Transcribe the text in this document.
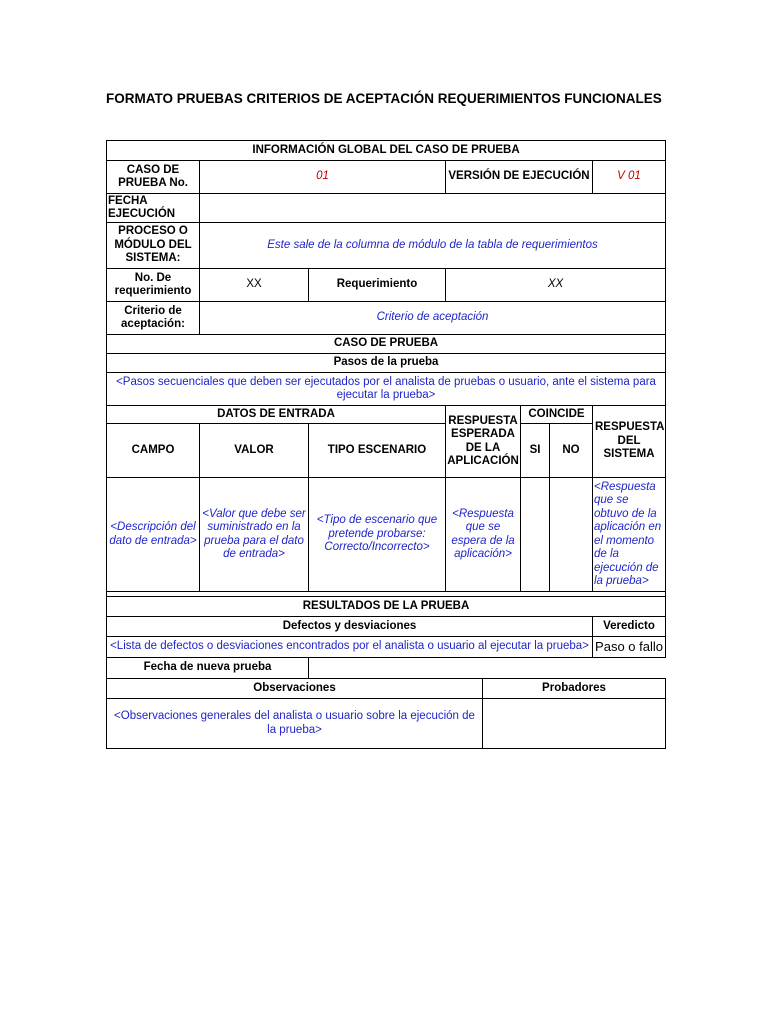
FORMATO PRUEBAS CRITERIOS DE ACEPTACIÓN REQUERIMIENTOS FUNCIONALES
INFORMACIÓN GLOBAL DEL CASO DE PRUEBA							
CASO DE PRUEBA No.	01		VERSIÓN DE EJECUCIÓN				V 01
FECHA EJECUCIÓN							
PROCESO O MÓDULO DEL SISTEMA:	Este sale de la columna de módulo de la tabla de requerimientos						
No. De requerimiento	XX	Requerimiento	XX				
Criterio de aceptación:	Criterio de aceptación						
CASO DE PRUEBA							
Pasos de la prueba							
<Pasos secuenciales que deben ser ejecutados por el analista de pruebas o usuario, ante el sistema para ejecutar la prueba>							
DATOS DE ENTRADA			RESPUESTA ESPERADA DE LA APLICACIÓN		COINCIDE		RESPUESTA DEL SISTEMA
CAMPO	VALOR	TIPO ESCENARIO			SI	NO	
<Descripción del dato de entrada>	<Valor que debe ser suministrado en la prueba para el dato de entrada>	<Tipo de escenario que pretende probarse: Correcto/Incorrecto>	<Respuesta que se espera de la aplicación>				<Respuesta que se obtuvo de la aplicación en el momento de la ejecución de la prueba>

RESULTADOS DE LA PRUEBA							
Defectos y desviaciones							Veredicto
<Lista de defectos o desviaciones encontrados por el analista o usuario al ejecutar la prueba>							Paso o fallo
Fecha de nueva prueba							
Observaciones				Probadores			
<Observaciones generales del analista o usuario sobre la ejecución de la prueba>							
